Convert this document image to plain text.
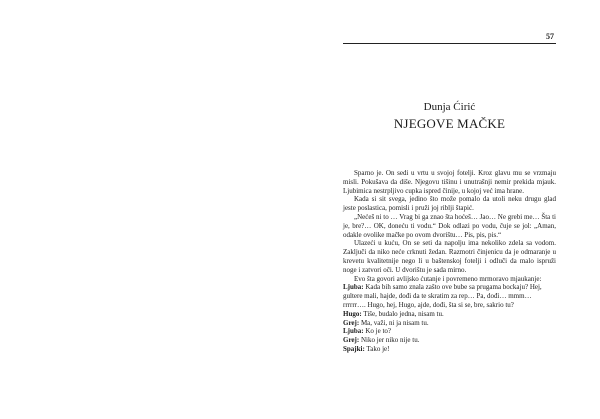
57
Dunja Ćirić
NJEGOVE MAČKE

Sparno je. On sedi u vrtu u svojoj fotelji. Kroz glavu mu se vrzmaju misli. Pokušava da diše. Njegovu tišinu i unutrašnji nemir prekida mjauk. Ljubimica nestrpljivo cupka ispred činije, u kojoj već ima hrane.

Kada si sit svega, jedino što može pomalo da utoli neku drugu glad jeste poslastica, pomisli i pruži joj riblji štapić.

„Nećeš ni to … Vrag bi ga znao šta hoćeš… Jao… Ne grebi me… Šta ti je, bre?… OK, doneću ti vodu.“ Dok odlazi po vodu, čuje se jol: „Aman, odakle ovolike mačke po ovom dvorištu… Pis, pis, pis.“

Ulazeći u kuću, On se seti da napolju ima nekoliko zdela sa vodom. Zaključi da niko neće crknuti žedan. Razmotri činjenicu da je odmaranje u krevetu kvalitetnije nego li u baštenskoj fotelji i odluči da malo ispruži noge i zatvori oči. U dvorištu je sada mirno.

Evo šta govori avlijsko ćutanje i povremeno mrmoravo mjaukanje:

Ljuba: Kada bih samo znala zašto ove bube sa prugama bockaju? Hej, gultere mali, hajde, dođi da te skratim za rep… Pa, dođi… mmm… rrrrrr…. Hugo, hej, Hugo, ajde, dođi, šta si se, bre, sakrio tu?

Hugo: Tiše, budalo jedna, nisam tu.

Grej: Ma, važi, ni ja nisam tu.

Ljuba: Ko je to?

Grej: Niko jer niko nije tu.

Spajki: Tako je!
